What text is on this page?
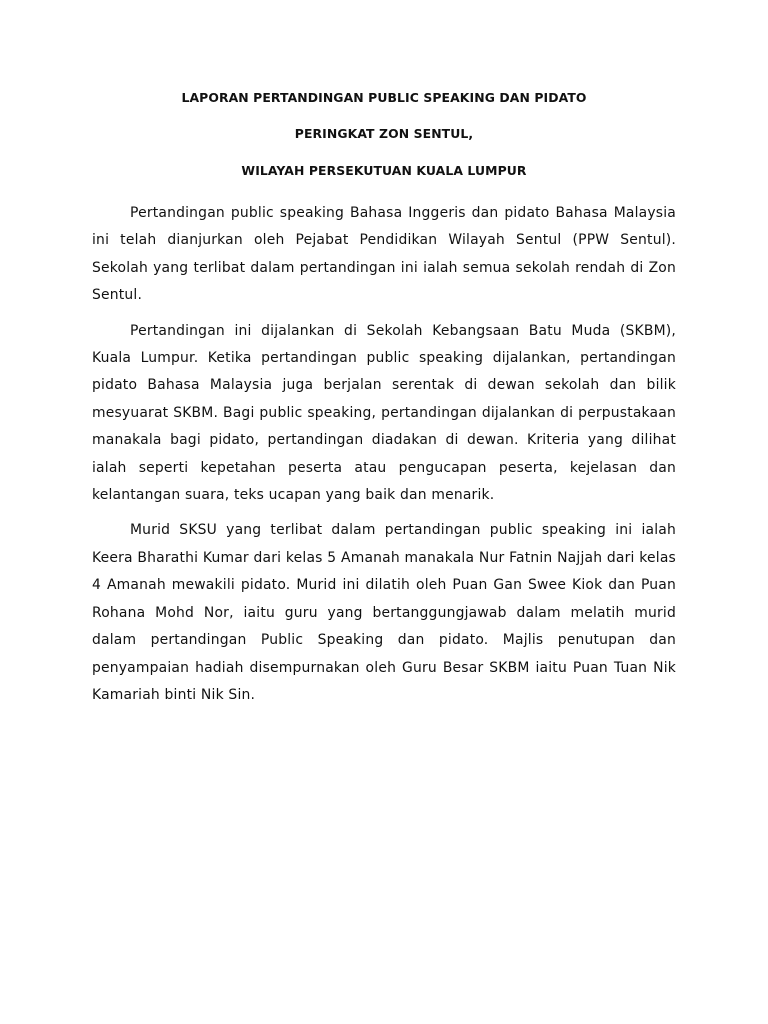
LAPORAN PERTANDINGAN PUBLIC SPEAKING DAN PIDATO

PERINGKAT ZON SENTUL,

WILAYAH PERSEKUTUAN KUALA LUMPUR

Pertandingan public speaking Bahasa Inggeris dan pidato Bahasa Malaysia ini telah dianjurkan oleh Pejabat Pendidikan Wilayah Sentul (PPW Sentul). Sekolah yang terlibat dalam pertandingan ini ialah semua sekolah rendah di Zon Sentul.

Pertandingan ini dijalankan di Sekolah Kebangsaan Batu Muda (SKBM), Kuala Lumpur. Ketika pertandingan public speaking dijalankan, pertandingan pidato Bahasa Malaysia juga berjalan serentak di dewan sekolah dan bilik mesyuarat SKBM. Bagi public speaking, pertandingan dijalankan di perpustakaan manakala bagi pidato, pertandingan diadakan di dewan. Kriteria yang dilihat ialah seperti kepetahan peserta atau pengucapan peserta, kejelasan dan kelantangan suara, teks ucapan yang baik dan menarik.

Murid SKSU yang terlibat dalam pertandingan public speaking ini ialah Keera Bharathi Kumar dari kelas 5 Amanah manakala Nur Fatnin Najjah dari kelas 4 Amanah mewakili pidato. Murid ini dilatih oleh Puan Gan Swee Kiok dan Puan Rohana Mohd Nor, iaitu guru yang bertanggungjawab dalam melatih murid dalam pertandingan Public Speaking dan pidato. Majlis penutupan dan penyampaian hadiah disempurnakan oleh Guru Besar SKBM iaitu Puan Tuan Nik Kamariah binti Nik Sin.
